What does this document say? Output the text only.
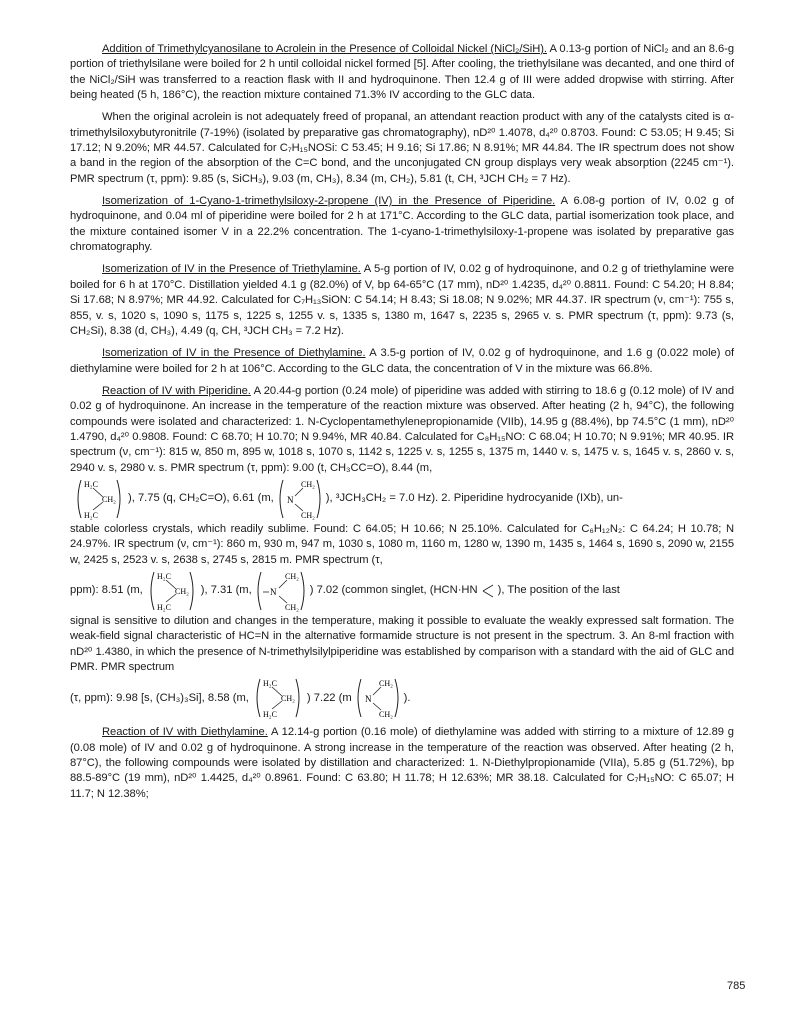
Addition of Trimethylcyanosilane to Acrolein in the Presence of Colloidal Nickel (NiCl₂/SiH). A 0.13-g portion of NiCl₂ and an 8.6-g portion of triethylsilane were boiled for 2 h until colloidal nickel formed [5]. After cooling, the triethylsilane was decanted, and one third of the NiCl₂/SiH was transferred to a reaction flask with II and hydroquinone. Then 12.4 g of III were added dropwise with stirring. After being heated (5 h, 186°C), the reaction mixture contained 71.3% IV according to the GLC data.

When the original acrolein is not adequately freed of propanal, an attendant reaction product with any of the catalysts cited is α-trimethylsiloxybutyronitrile (7-19%) (isolated by preparative gas chromatography), nD²⁰ 1.4078, d₄²⁰ 0.8703. Found: C 53.05; H 9.45; Si 17.12; N 9.20%; MR 44.57. Calculated for C₇H₁₅NOSi: C 53.45; H 9.16; Si 17.86; N 8.91%; MR 44.84. The IR spectrum does not show a band in the region of the absorption of the C=C bond, and the unconjugated CN group displays very weak absorption (2245 cm⁻¹). PMR spectrum (τ, ppm): 9.85 (s, SiCH₃), 9.03 (m, CH₃), 8.34 (m, CH₂), 5.81 (t, CH, ³JCH CH₂ = 7 Hz).

Isomerization of 1-Cyano-1-trimethylsiloxy-2-propene (IV) in the Presence of Piperidine. A 6.08-g portion of IV, 0.02 g of hydroquinone, and 0.04 ml of piperidine were boiled for 2 h at 171°C. According to the GLC data, partial isomerization took place, and the mixture contained isomer V in a 22.2% concentration. The 1-cyano-1-trimethylsiloxy-1-propene was isolated by preparative gas chromatography.

Isomerization of IV in the Presence of Triethylamine. A 5-g portion of IV, 0.02 g of hydroquinone, and 0.2 g of triethylamine were boiled for 6 h at 170°C. Distillation yielded 4.1 g (82.0%) of V, bp 64-65°C (17 mm), nD²⁰ 1.4235, d₄²⁰ 0.8811. Found: C 54.20; H 8.84; Si 17.68; N 8.97%; MR 44.92. Calculated for C₇H₁₃SiON: C 54.14; H 8.43; Si 18.08; N 9.02%; MR 44.37. IR spectrum (ν, cm⁻¹): 755 s, 855, v. s, 1020 s, 1090 s, 1175 s, 1225 s, 1255 v. s, 1335 s, 1380 m, 1647 s, 2235 s, 2965 v. s. PMR spectrum (τ, ppm): 9.73 (s, CH₂Si), 8.38 (d, CH₃), 4.49 (q, CH, ³JCH CH₃ = 7.2 Hz).

Isomerization of IV in the Presence of Diethylamine. A 3.5-g portion of IV, 0.02 g of hydroquinone, and 1.6 g (0.022 mole) of diethylamine were boiled for 2 h at 106°C. According to the GLC data, the concentration of V in the mixture was 66.8%.

Reaction of IV with Piperidine. A 20.44-g portion (0.24 mole) of piperidine was added with stirring to 18.6 g (0.12 mole) of IV and 0.02 g of hydroquinone. An increase in the temperature of the reaction mixture was observed. After heating (2 h, 94°C), the following compounds were isolated and characterized: 1. N-Cyclopentamethylenepropionamide (VIIb), 14.95 g (88.4%), bp 74.5°C (1 mm), nD²⁰ 1.4790, d₄²⁰ 0.9808. Found: C 68.70; H 10.70; N 9.94%, MR 40.84. Calculated for C₈H₁₅NO: C 68.04; H 10.70; N 9.91%; MR 40.95. IR spectrum (ν, cm⁻¹): 815 w, 850 m, 895 w, 1018 s, 1070 s, 1142 s, 1225 v. s, 1255 s, 1375 m, 1440 v. s, 1475 v. s, 1645 v. s, 2860 v. s, 2940 v. s, 2980 v. s. PMR spectrum (τ, ppm): 9.00 (t, CH₃CC=O), 8.44 (m,

H₂C
CH₂
H₂C
), 7.75 (q, CH₂C=O), 6.61 (m,
CH₂
N
CH₂
), ³JCH₃CH₂ = 7.0 Hz). 2. Piperidine hydrocyanide (IXb), un-

stable colorless crystals, which readily sublime. Found: C 64.05; H 10.66; N 25.10%. Calculated for C₆H₁₂N₂: C 64.24; H 10.78; N 24.97%. IR spectrum (ν, cm⁻¹): 860 m, 930 m, 947 m, 1030 s, 1080 m, 1160 m, 1280 w, 1390 m, 1435 s, 1464 s, 1690 s, 2090 w, 2155 w, 2425 s, 2523 v. s, 2638 s, 2745 s, 2815 m. PMR spectrum (τ,

ppm): 8.51 (m,
H₂C
CH₂
H₂C
), 7.31 (m,
CH₂
N
CH₂
) 7.02 (common singlet, (HCN·HN ), The position of the last

signal is sensitive to dilution and changes in the temperature, making it possible to evaluate the weakly expressed salt formation. The weak-field signal characteristic of HC=N in the alternative formamide structure is not present in the spectrum. 3. An 8-ml fraction with nD²⁰ 1.4380, in which the presence of N-trimethylsilylpiperidine was established by comparison with a standard with the aid of GLC and PMR. PMR spectrum

(τ, ppm): 9.98 [s, (CH₃)₃Si], 8.58 (m,
H₂C
CH₂
H₂C
) 7.22 (m
CH₂
N
CH₂
).

Reaction of IV with Diethylamine. A 12.14-g portion (0.16 mole) of diethylamine was added with stirring to a mixture of 12.89 g (0.08 mole) of IV and 0.02 g of hydroquinone. A strong increase in the temperature of the reaction was observed. After heating (2 h, 87°C), the following compounds were isolated by distillation and characterized: 1. N-Diethylpropionamide (VIIa), 5.85 g (51.72%), bp 88.5-89°C (19 mm), nD²⁰ 1.4425, d₄²⁰ 0.8961. Found: C 63.80; H 11.78; H 12.63%; MR 38.18. Calculated for C₇H₁₅NO: C 65.07; H 11.7; N 12.38%;

785
